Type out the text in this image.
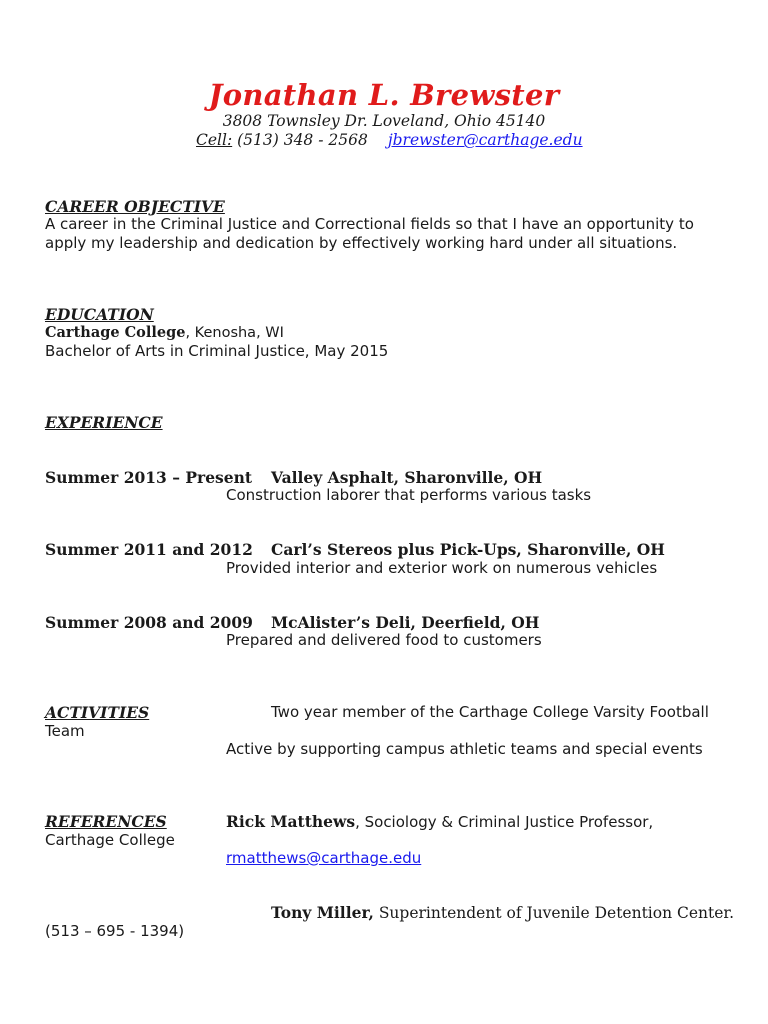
Jonathan L. Brewster
3808 Townsley Dr. Loveland, Ohio 45140
Cell: (513) 348 - 2568 jbrewster@carthage.edu
CAREER OBJECTIVE
A career in the Criminal Justice and Correctional fields so that I have an opportunity to
apply my leadership and dedication by effectively working hard under all situations.
EDUCATION
Carthage College, Kenosha, WI
Bachelor of Arts in Criminal Justice, May 2015
EXPERIENCE
Summer 2013 – Present Valley Asphalt, Sharonville, OH
Construction laborer that performs various tasks
Summer 2011 and 2012 Carl’s Stereos plus Pick-Ups, Sharonville, OH
Provided interior and exterior work on numerous vehicles
Summer 2008 and 2009 McAlister’s Deli, Deerfield, OH
Prepared and delivered food to customers
ACTIVITIES	Two year member of the Carthage College Varsity Football
Team
Active by supporting campus athletic teams and special events
REFERENCES	Rick Matthews, Sociology & Criminal Justice Professor,
Carthage College
rmatthews@carthage.edu
Tony Miller, Superintendent of Juvenile Detention Center.
(513 – 695 - 1394)
